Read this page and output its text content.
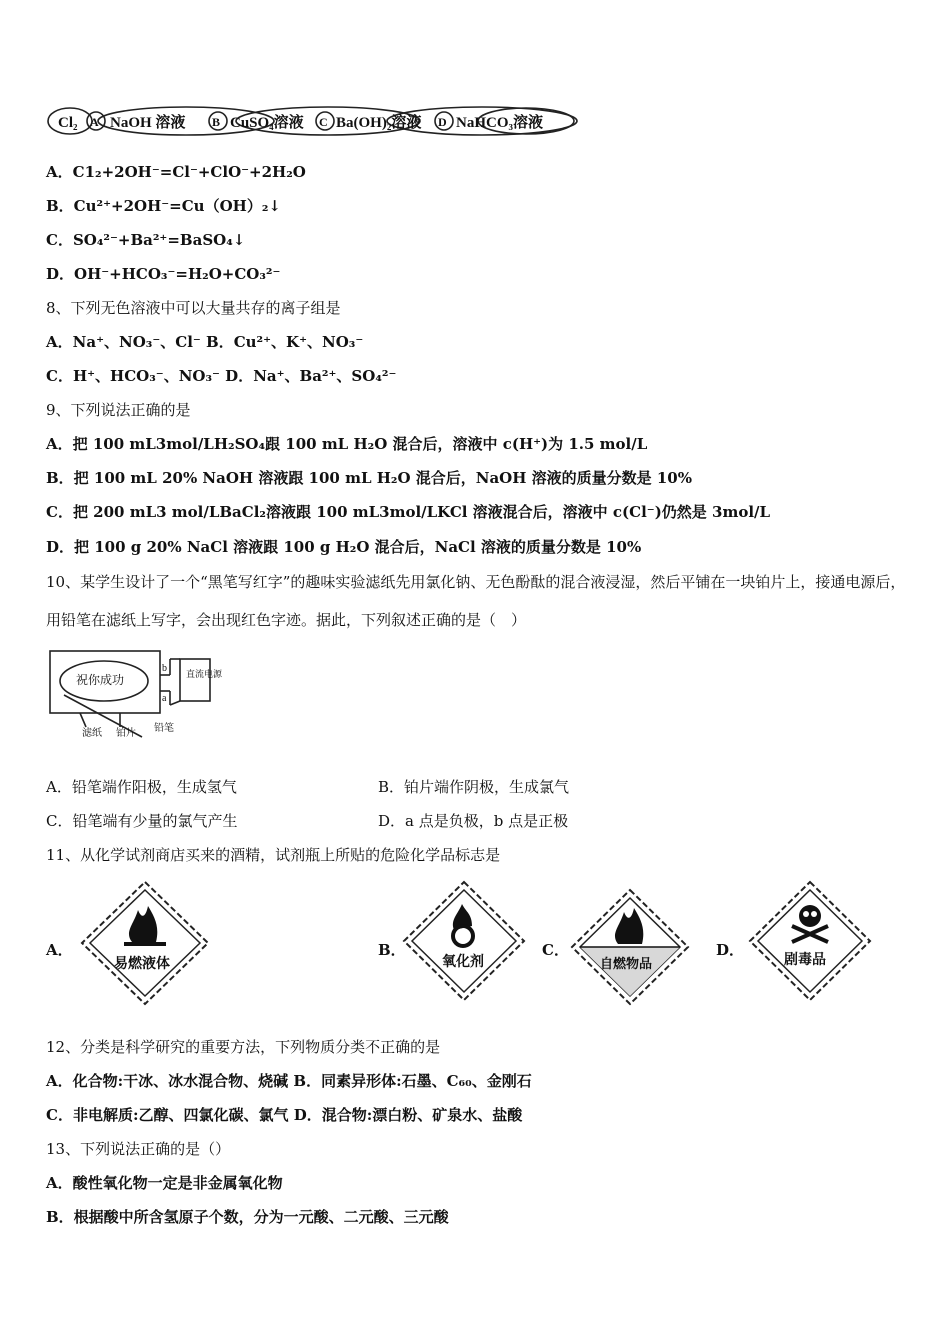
Cl₂ A NaOH 溶液 B CuSO₄溶液 C Ba(OH)₂溶液 D NaHCO₃溶液
A．C1₂+2OH⁻=Cl⁻+ClO⁻+2H₂O
B．Cu²⁺+2OH⁻=Cu（OH）₂↓
C．SO₄²⁻+Ba²⁺=BaSO₄↓
D．OH⁻+HCO₃⁻=H₂O+CO₃²⁻
8、下列无色溶液中可以大量共存的离子组是
A．Na⁺、NO₃⁻、Cl⁻ B．Cu²⁺、K⁺、NO₃⁻
C．H⁺、HCO₃⁻、NO₃⁻ D．Na⁺、Ba²⁺、SO₄²⁻
9、下列说法正确的是
A．把 100 mL3mol/LH₂SO₄跟 100 mL H₂O 混合后，溶液中 c(H⁺)为 1.5 mol/L
B．把 100 mL 20% NaOH 溶液跟 100 mL H₂O 混合后，NaOH 溶液的质量分数是 10%
C．把 200 mL3 mol/LBaCl₂溶液跟 100 mL3mol/LKCl 溶液混合后，溶液中 c(Cl⁻)仍然是 3mol/L
D．把 100 g 20% NaCl 溶液跟 100 g H₂O 混合后，NaCl 溶液的质量分数是 10%
10、某学生设计了一个“黑笔写红字”的趣味实验滤纸先用氯化钠、无色酚酞的混合液浸湿，然后平铺在一块铂片上，接通电源后，用铅笔在滤纸上写字，会出现红色字迹。据此，下列叙述正确的是（　）
祝你成功	直流电源
b
a
滤纸 铂片 铅笔
A．铅笔端作阳极，生成氢气	B．铂片端作阴极，生成氯气
C．铅笔端有少量的氯气产生	D．a 点是负极，b 点是正极
11、从化学试剂商店买来的酒精，试剂瓶上所贴的危险化学品标志是
A．
易燃液体
B．
氧化剂
C．
自燃物品
D．
剧毒品
12、分类是科学研究的重要方法，下列物质分类不正确的是
A．化合物:干冰、冰水混合物、烧碱 B．同素异形体:石墨、C₆₀、金刚石
C．非电解质:乙醇、四氯化碳、氯气 D．混合物:漂白粉、矿泉水、盐酸
13、下列说法正确的是（）
A．酸性氧化物一定是非金属氧化物
B．根据酸中所含氢原子个数，分为一元酸、二元酸、三元酸
